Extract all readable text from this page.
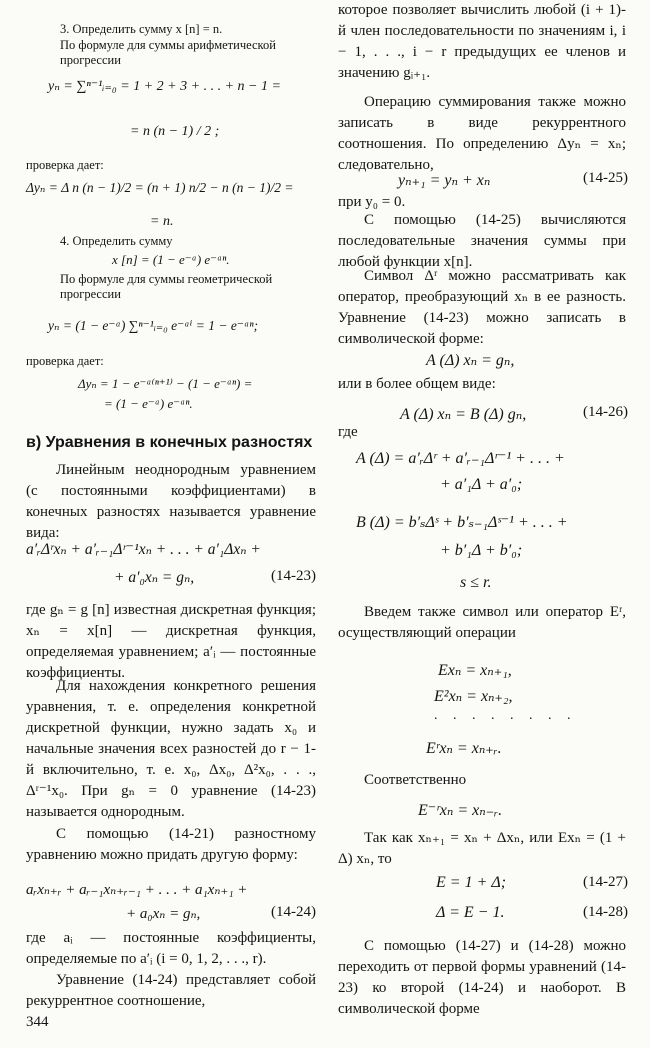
3. Определить сумму x [n] = n.
По формуле для суммы арифметической прогрессии
yₙ = ∑ⁿ⁻¹ᵢ₌₀ = 1 + 2 + 3 + . . . + n − 1 =
= n (n − 1) / 2 ;
проверка дает:
Δyₙ = Δ n (n − 1)/2 = (n + 1) n/2 − n (n − 1)/2 =
= n.
4. Определить сумму
x [n] = (1 − e⁻ᵃ) e⁻ᵃⁿ.
По формуле для суммы геометрической прогрессии
yₙ = (1 − e⁻ᵃ) ∑ⁿ⁻¹ᵢ₌₀ e⁻ᵃⁱ = 1 − e⁻ᵃⁿ;
проверка дает:
Δyₙ = 1 − e⁻ᵃ⁽ⁿ⁺¹⁾ − (1 − e⁻ᵃⁿ) =
= (1 − e⁻ᵃ) e⁻ᵃⁿ.
в) Уравнения в конечных разностях
Линейным неоднородным уравнением (с постоянными коэффициентами) в конечных разностях называется уравнение вида:
a′ᵣΔʳxₙ + a′ᵣ₋₁Δʳ⁻¹xₙ + . . . + a′₁Δxₙ +
+ a′₀xₙ = gₙ,	(14-23)
где gₙ = g [n] известная дискретная функция; xₙ = x[n] — дискретная функция, определяемая уравнением; a′ᵢ — постоянные коэффициенты.
Для нахождения конкретного решения уравнения, т. е. определения конкретной дискретной функции, нужно задать x₀ и начальные значения всех разностей до r − 1-й включительно, т. е. x₀, Δx₀, Δ²x₀, . . ., Δʳ⁻¹x₀. При gₙ = 0 уравнение (14-23) называется однородным.
С помощью (14-21) разностному уравнению можно придать другую форму:
aᵣxₙ₊ᵣ + aᵣ₋₁xₙ₊ᵣ₋₁ + . . . + a₁xₙ₊₁ +
+ a₀xₙ = gₙ,	(14-24)
где aᵢ — постоянные коэффициенты, определяемые по a′ᵢ (i = 0, 1, 2, . . ., r).
Уравнение (14-24) представляет собой рекуррентное соотношение,
344
которое позволяет вычислить любой (i + 1)-й член последовательности по значениям i, i − 1, . . ., i − r предыдущих ее членов и значению gᵢ₊₁.
Операцию суммирования также можно записать в виде рекуррентного соотношения. По определению Δyₙ = xₙ; следовательно,
yₙ₊₁ = yₙ + xₙ	(14-25)
при y₀ = 0.
С помощью (14-25) вычисляются последовательные значения суммы при любой функции x[n].
Символ Δʳ можно рассматривать как оператор, преобразующий xₙ в ее разность. Уравнение (14-23) можно записать в символической форме:
A (Δ) xₙ = gₙ,
или в более общем виде:
A (Δ) xₙ = B (Δ) gₙ,	(14-26)
где
A (Δ) = a′ᵣΔʳ + a′ᵣ₋₁Δʳ⁻¹ + . . . +
+ a′₁Δ + a′₀;
B (Δ) = b′ₛΔˢ + b′ₛ₋₁Δˢ⁻¹ + . . . +
+ b′₁Δ + b′₀;
s ≤ r.
Введем также символ или оператор Eʳ, осуществляющий операции
Exₙ = xₙ₊₁,
E²xₙ = xₙ₊₂,
. . . . . . . .
Eʳxₙ = xₙ₊ᵣ.
Соответственно
E⁻ʳxₙ = xₙ₋ᵣ.
Так как xₙ₊₁ = xₙ + Δxₙ, или Exₙ = (1 + Δ) xₙ, то
E = 1 + Δ;	(14-27)
Δ = E − 1.	(14-28)
С помощью (14-27) и (14-28) можно переходить от первой формы уравнений (14-23) ко второй (14-24) и наоборот. В символической форме
